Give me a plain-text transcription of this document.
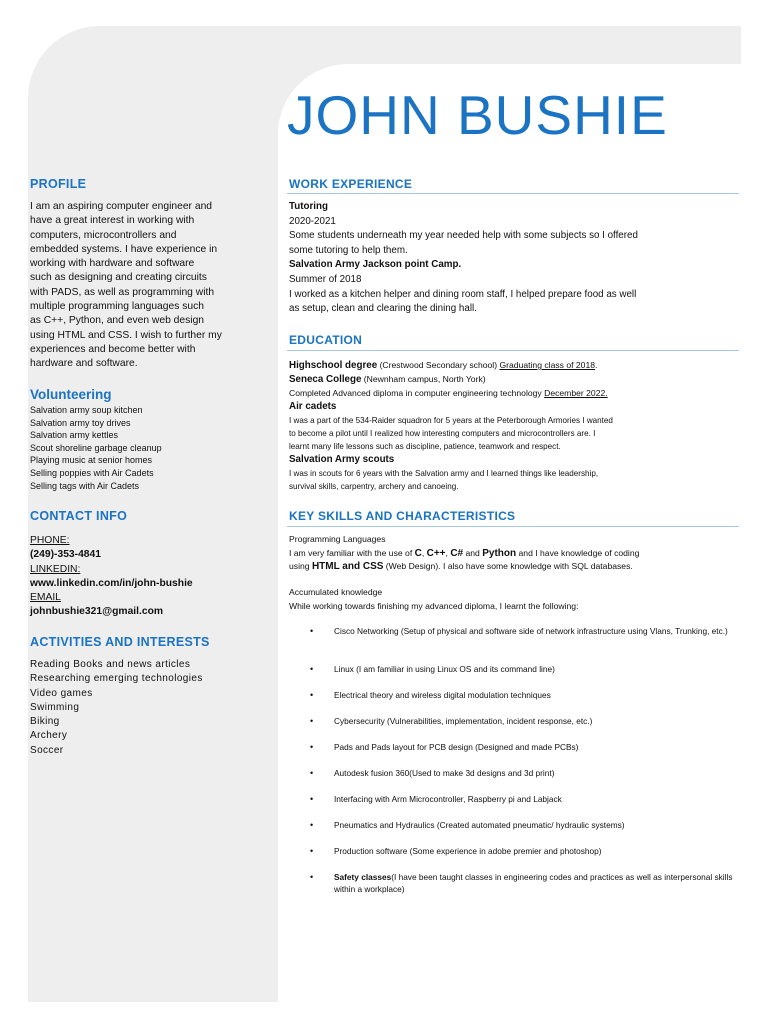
JOHN BUSHIE
PROFILE
I am an aspiring computer engineer and
have a great interest in working with
computers, microcontrollers and
embedded systems. I have experience in
working with hardware and software
such as designing and creating circuits
with PADS, as well as programming with
multiple programming languages such
as C++, Python, and even web design
using HTML and CSS. I wish to further my
experiences and become better with
hardware and software.
Volunteering
Salvation army soup kitchen
Salvation army toy drives
Salvation army kettles
Scout shoreline garbage cleanup
Playing music at senior homes
Selling poppies with Air Cadets
Selling tags with Air Cadets
CONTACT INFO
PHONE:
(249)-353-4841
LINKEDIN:
www.linkedin.com/in/john-bushie
EMAIL
johnbushie321@gmail.com
ACTIVITIES AND INTERESTS
Reading Books and news articles
Researching emerging technologies
Video games
Swimming
Biking
Archery
Soccer
WORK EXPERIENCE
Tutoring
2020-2021
Some students underneath my year needed help with some subjects so I offered
some tutoring to help them.
Salvation Army Jackson point Camp.
Summer of 2018
I worked as a kitchen helper and dining room staff, I helped prepare food as well
as setup, clean and clearing the dining hall.
EDUCATION
Highschool degree (Crestwood Secondary school) Graduating class of 2018.
Seneca College (Newnham campus, North York)
Completed Advanced diploma in computer engineering technology December 2022.
Air cadets
I was a part of the 534-Raider squadron for 5 years at the Peterborough Armories I wanted
to become a pilot until I realized how interesting computers and microcontrollers are. I
learnt many life lessons such as discipline, patience, teamwork and respect.
Salvation Army scouts
I was in scouts for 6 years with the Salvation army and I learned things like leadership,
survival skills, carpentry, archery and canoeing.
KEY SKILLS AND CHARACTERISTICS
Programming Languages
I am very familiar with the use of C, C++, C# and Python and I have knowledge of coding
using HTML and CSS (Web Design). I also have some knowledge with SQL databases.
Accumulated knowledge
While working towards finishing my advanced diploma, I learnt the following:
•	Cisco Networking (Setup of physical and software side of network infrastructure using Vlans, Trunking, etc.)
•	Linux (I am familiar in using Linux OS and its command line)
•	Electrical theory and wireless digital modulation techniques
•	Cybersecurity (Vulnerabilities, implementation, incident response, etc.)
•	Pads and Pads layout for PCB design (Designed and made PCBs)
•	Autodesk fusion 360(Used to make 3d designs and 3d print)
•	Interfacing with Arm Microcontroller, Raspberry pi and Labjack
•	Pneumatics and Hydraulics (Created automated pneumatic/ hydraulic systems)
•	Production software (Some experience in adobe premier and photoshop)
•	Safety classes(I have been taught classes in engineering codes and practices as well as interpersonal skills within a workplace)
